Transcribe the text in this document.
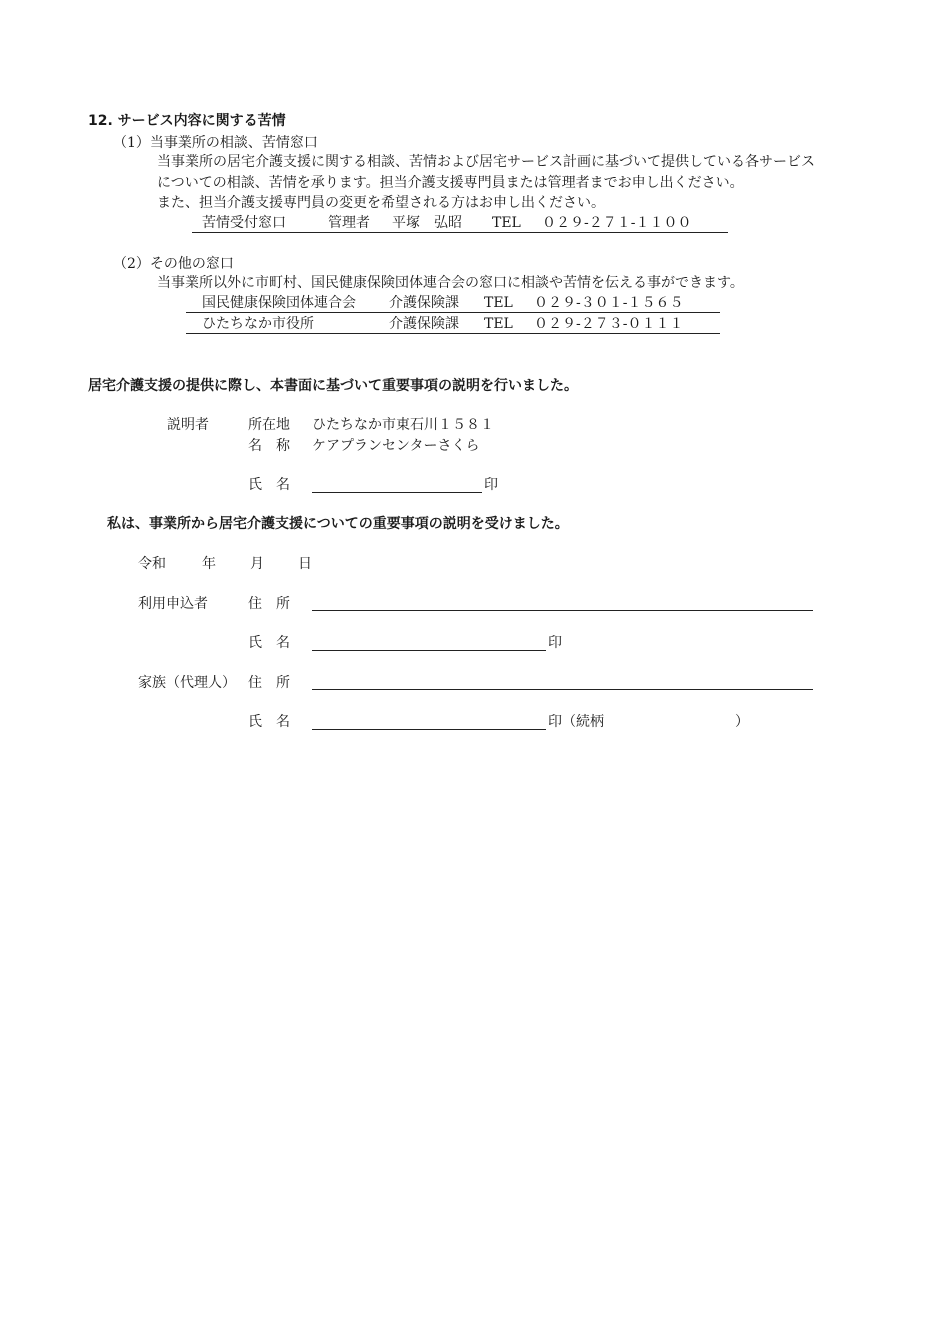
12. サービス内容に関する苦情
（1）当事業所の相談、苦情窓口
当事業所の居宅介護支援に関する相談、苦情および居宅サービス計画に基づいて提供している各サービス
についての相談、苦情を承ります。担当介護支援専門員または管理者までお申し出ください。
また、担当介護支援専門員の変更を希望される方はお申し出ください。
苦情受付窓口	管理者 平塚　弘昭 TEL ０２９-２７１-１１００
（2）その他の窓口
当事業所以外に市町村、国民健康保険団体連合会の窓口に相談や苦情を伝える事ができます。
国民健康保険団体連合会 介護保険課 TEL ０２９-３０１-１５６５
ひたちなか市役所	介護保険課 TEL ０２９-２７３-０１１１
居宅介護支援の提供に際し、本書面に基づいて重要事項の説明を行いました。
説明者	所在地 ひたちなか市東石川１５８１
名　称 ケアプランセンターさくら
氏　名	印
私は、事業所から居宅介護支援についての重要事項の説明を受けました。
令和	年 月 日
利用申込者	住　所
氏　名	印
家族（代理人） 住　所
氏　名	印（続柄	）
